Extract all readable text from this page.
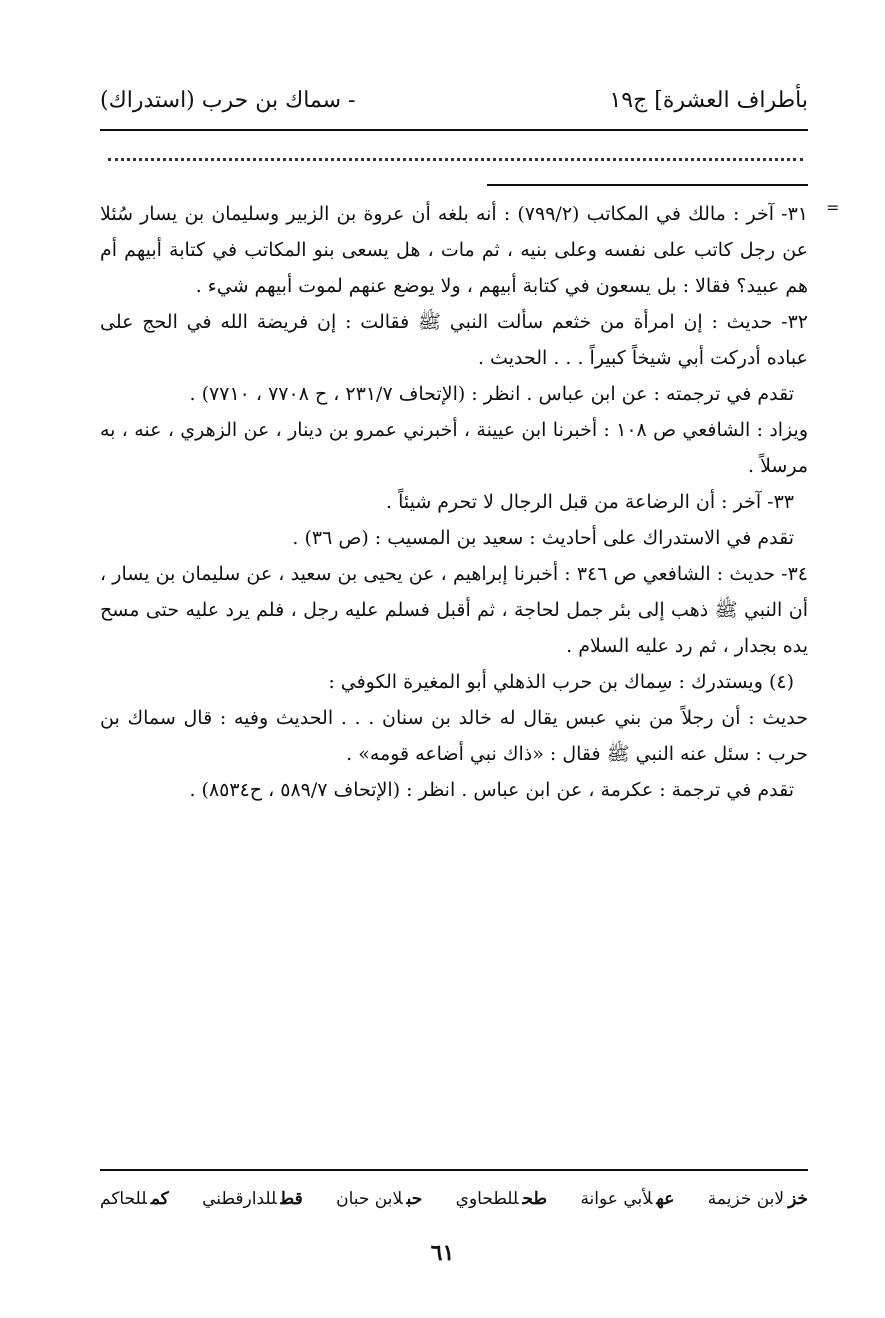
بأطراف العشرة] ج١٩
- سماك بن حرب (استدراك)
=

٣١- آخر : مالك في المكاتب (٧٩٩/٢) : أنه بلغه أن عروة بن الزبير وسليمان بن يسار سُئلا عن رجل كاتب على نفسه وعلى بنيه ، ثم مات ، هل يسعى بنو المكاتب في كتابة أبيهم أم هم عبيد؟ فقالا : بل يسعون في كتابة أبيهم ، ولا يوضع عنهم لموت أبيهم شيء .

٣٢- حديث : إن امرأة من خثعم سألت النبي ﷺ فقالت : إن فريضة الله في الحج على عباده أدركت أبي شيخاً كبيراً . . . الحديث .

تقدم في ترجمته : عن ابن عباس . انظر : (الإتحاف ٢٣١/٧ ، ح ٧٧٠٨ ، ٧٧١٠) .

ويزاد : الشافعي ص ١٠٨ : أخبرنا ابن عيينة ، أخبرني عمرو بن دينار ، عن الزهري ، عنه ، به مرسلاً .

٣٣- آخر : أن الرضاعة من قبل الرجال لا تحرم شيئاً .

تقدم في الاستدراك على أحاديث : سعيد بن المسيب : (ص ٣٦) .

٣٤- حديث : الشافعي ص ٣٤٦ : أخبرنا إبراهيم ، عن يحيى بن سعيد ، عن سليمان بن يسار ، أن النبي ﷺ ذهب إلى بئر جمل لحاجة ، ثم أقبل فسلم عليه رجل ، فلم يرد عليه حتى مسح يده بجدار ، ثم رد عليه السلام .

(٤) ويستدرك : سِماك بن حرب الذهلي أبو المغيرة الكوفي :

حديث : أن رجلاً من بني عبس يقال له خالد بن سنان . . . الحديث وفيه : قال سماك بن حرب : سئل عنه النبي ﷺ فقال : «ذاك نبي أضاعه قومه» .

تقدم في ترجمة : عكرمة ، عن ابن عباس . انظر : (الإتحاف ٥٨٩/٧ ، ح٨٥٣٤) .

خزلابن خزيمة
عهلأبي عوانة
طحللطحاوي
حبلابن حبان
قطللدارقطني
كمللحاكم
٦١
